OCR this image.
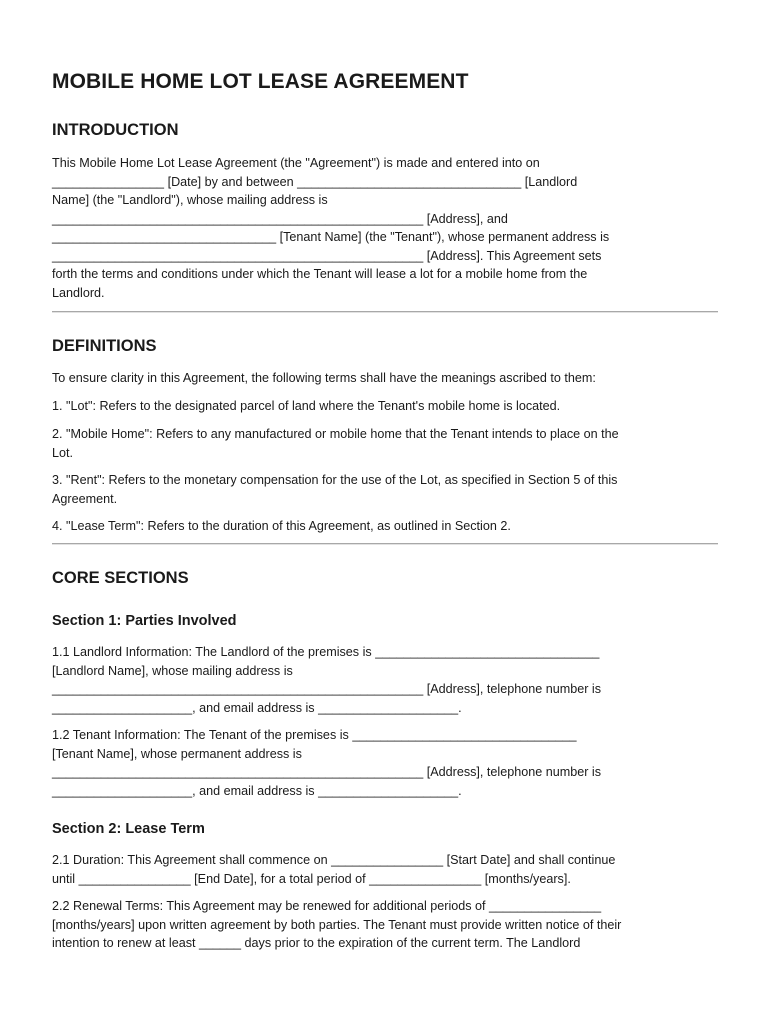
MOBILE HOME LOT LEASE AGREEMENT
INTRODUCTION

This Mobile Home Lot Lease Agreement (the "Agreement") is made and entered into on
________________ [Date] by and between ________________________________ [Landlord
Name] (the "Landlord"), whose mailing address is
_____________________________________________________ [Address], and
________________________________ [Tenant Name] (the "Tenant"), whose permanent address is
_____________________________________________________ [Address]. This Agreement sets
forth the terms and conditions under which the Tenant will lease a lot for a mobile home from the
Landlord.

DEFINITIONS

To ensure clarity in this Agreement, the following terms shall have the meanings ascribed to them:

1. "Lot": Refers to the designated parcel of land where the Tenant's mobile home is located.

2. "Mobile Home": Refers to any manufactured or mobile home that the Tenant intends to place on the
Lot.

3. "Rent": Refers to the monetary compensation for the use of the Lot, as specified in Section 5 of this
Agreement.

4. "Lease Term": Refers to the duration of this Agreement, as outlined in Section 2.

CORE SECTIONS
Section 1: Parties Involved

1.1 Landlord Information: The Landlord of the premises is ________________________________
[Landlord Name], whose mailing address is
_____________________________________________________ [Address], telephone number is
____________________, and email address is ____________________.

1.2 Tenant Information: The Tenant of the premises is ________________________________
[Tenant Name], whose permanent address is
_____________________________________________________ [Address], telephone number is
____________________, and email address is ____________________.

Section 2: Lease Term

2.1 Duration: This Agreement shall commence on ________________ [Start Date] and shall continue
until ________________ [End Date], for a total period of ________________ [months/years].

2.2 Renewal Terms: This Agreement may be renewed for additional periods of ________________
[months/years] upon written agreement by both parties. The Tenant must provide written notice of their
intention to renew at least ______ days prior to the expiration of the current term. The Landlord
